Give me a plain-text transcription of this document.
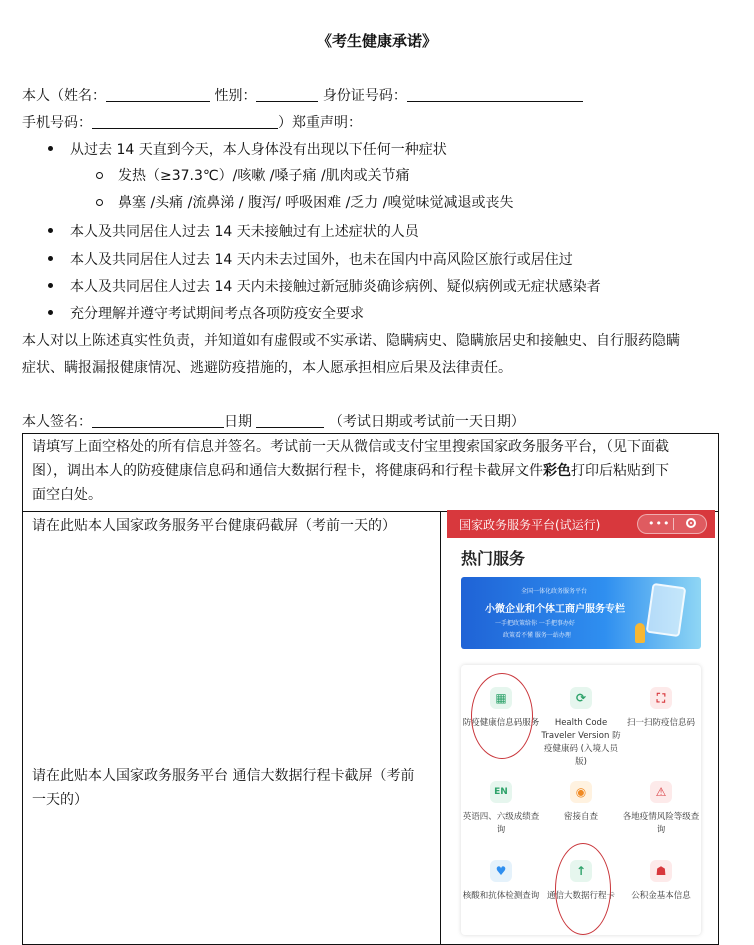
《考生健康承诺》
本人（姓名：	性别：	身份证号码：
手机号码：	）郑重声明：
从过去 14 天直到今天，本人身体没有出现以下任何一种症状
发热（≥37.3℃）/咳嗽 /嗓子痛 /肌肉或关节痛
鼻塞 /头痛 /流鼻涕 / 腹泻/ 呼吸困难 /乏力 /嗅觉味觉减退或丧失
本人及共同居住人过去 14 天未接触过有上述症状的人员
本人及共同居住人过去 14 天内未去过国外，也未在国内中高风险区旅行或居住过
本人及共同居住人过去 14 天内未接触过新冠肺炎确诊病例、疑似病例或无症状感染者
充分理解并遵守考试期间考点各项防疫安全要求
本人对以上陈述真实性负责，并知道如有虚假或不实承诺、隐瞒病史、隐瞒旅居史和接触史、自行服药隐瞒
症状、瞒报漏报健康情况、逃避防疫措施的，本人愿承担相应后果及法律责任。
本人签名：	日期	（考试日期或考试前一天日期）
请填写上面空格处的所有信息并签名。考试前一天从微信或支付宝里搜索国家政务服务平台，（见下面截
图），调出本人的防疫健康信息码和通信大数据行程卡，将健康码和行程卡截屏文件彩色打印后粘贴到下
面空白处。
请在此贴本人国家政务服务平台健康码截屏（考前一天的）
请在此贴本人国家政务服务平台 通信大数据行程卡截屏（考前
一天的）
国家政务服务平台(试运行)	•••
热门服务
全国一体化政务服务平台
小微企业和个体工商户服务专栏
一手把政策给你 一手把事办好
政策看不懂 服务一站办理
▦
防疫健康信息码服务
⟳
Health Code Traveler Version 防疫健康码 (入境人员版)
⛶
扫一扫防疫信息码
EN
英语四、六级成绩查询
◉
密接自查
⚠
各地疫情风险等级查询
♥
核酸和抗体检测查询
↑
通信大数据行程卡
☗
公积金基本信息
